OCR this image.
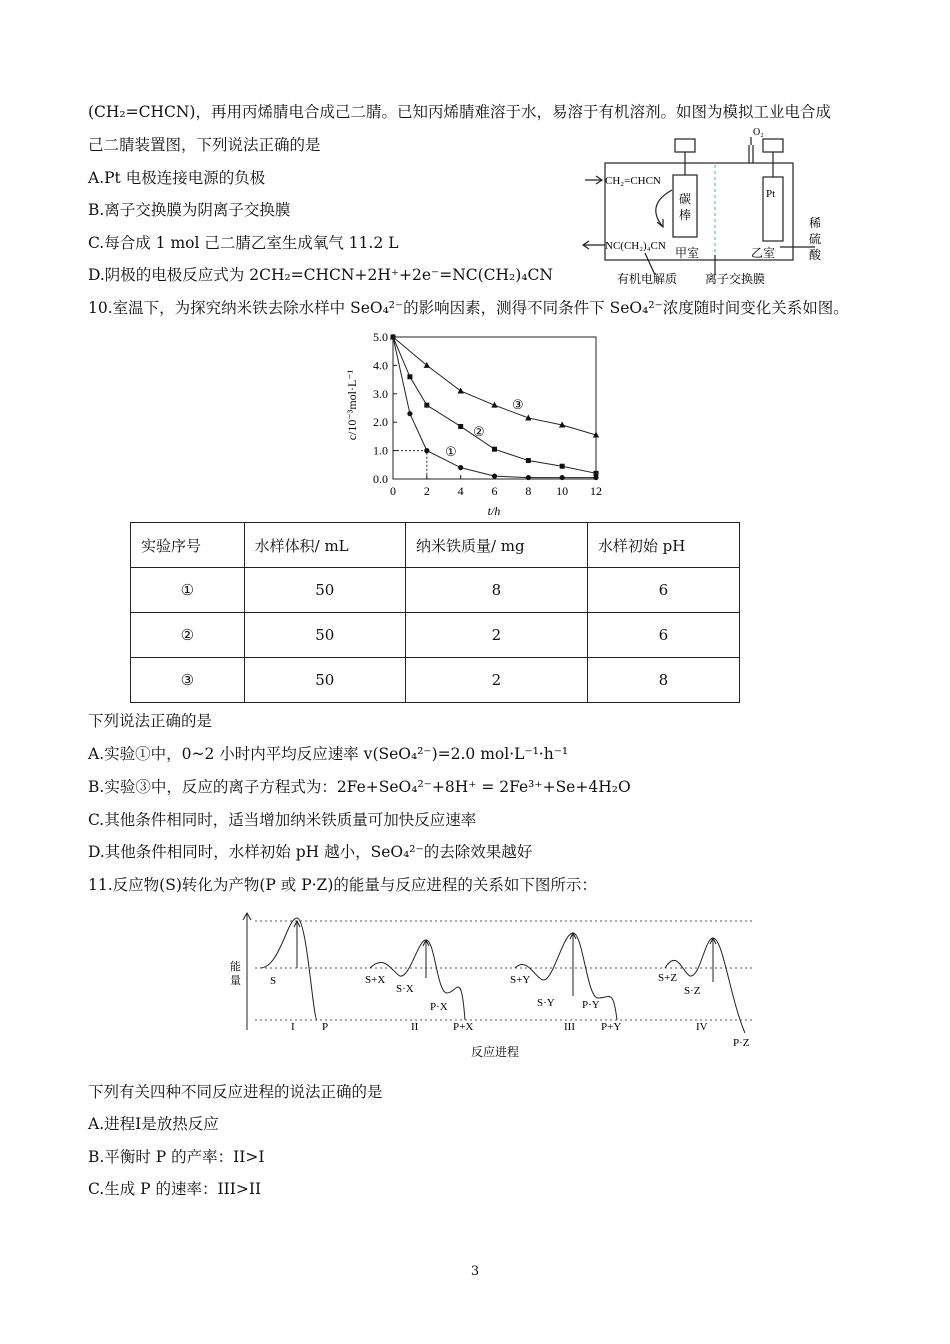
(CH₂=CHCN)，再用丙烯腈电合成己二腈。已知丙烯腈难溶于水，易溶于有机溶剂。如图为模拟工业电合成
己二腈装置图，下列说法正确的是
A.Pt 电极连接电源的负极
B.离子交换膜为阴离子交换膜
C.每合成 1 mol 己二腈乙室生成氧气 11.2 L
D.阴极的电极反应式为 2CH₂=CHCN+2H⁺+2e⁻=NC(CH₂)₄CN
O₂
CH₂=CHCN
NC(CH₂)₄CN
碳
棒
Pt
甲室	乙室
稀
硫
酸
有机电解质 离子交换膜
10.室温下，为探究纳米铁去除水样中 SeO₄²⁻的影响因素，测得不同条件下 SeO₄²⁻浓度随时间变化关系如图。
0 2 4 6 8 10 12
0.0
1.0
2.0
3.0
4.0
5.0
c/10⁻³mol·L⁻¹
t/h
①
②
③
实验序号	水样体积/ mL	纳米铁质量/ mg	水样初始 pH
①	50	8	6
②	50	2	6
③	50	2	8
下列说法正确的是
A.实验①中，0~2 小时内平均反应速率 v(SeO₄²⁻)=2.0 mol·L⁻¹·h⁻¹
B.实验③中，反应的离子方程式为：2Fe+SeO₄²⁻+8H⁺ = 2Fe³⁺+Se+4H₂O
C.其他条件相同时，适当增加纳米铁质量可加快反应速率
D.其他条件相同时，水样初始 pH 越小，SeO₄²⁻的去除效果越好
11.反应物(S)转化为产物(P 或 P·Z)的能量与反应进程的关系如下图所示：
能
量	S
I P
S+X
S·X
P·X
II	P+X
S+Y
S·Y P·Y
III P+Y
S+Z
S·Z
IV
P·Z
反应进程
下列有关四种不同反应进程的说法正确的是
A.进程I是放热反应
B.平衡时 P 的产率：II>I
C.生成 P 的速率：III>II
3
